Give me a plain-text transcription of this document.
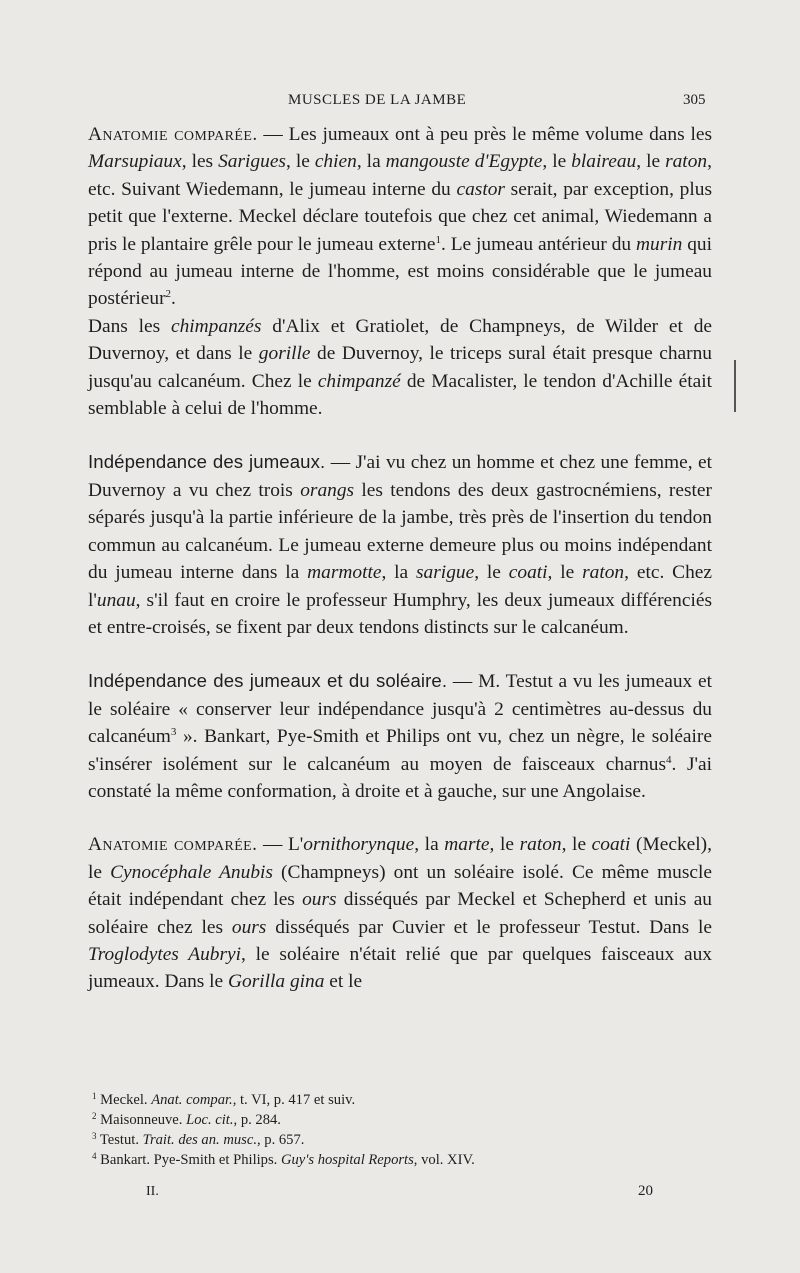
MUSCLES DE LA JAMBE	305

Anatomie comparée. — Les jumeaux ont à peu près le même volume dans les Marsupiaux, les Sarigues, le chien, la mangouste d'Egypte, le blaireau, le raton, etc. Suivant Wiedemann, le jumeau interne du castor serait, par exception, plus petit que l'externe. Meckel déclare toutefois que chez cet animal, Wiedemann a pris le plantaire grêle pour le jumeau externe$^1$. Le jumeau antérieur du murin qui répond au jumeau interne de l'homme, est moins considérable que le jumeau postérieur$^2$.

Dans les chimpanzés d'Alix et Gratiolet, de Champneys, de Wilder et de Duvernoy, et dans le gorille de Duvernoy, le triceps sural était presque charnu jusqu'au calcanéum. Chez le chimpanzé de Macalister, le tendon d'Achille était semblable à celui de l'homme.

Indépendance des jumeaux. — J'ai vu chez un homme et chez une femme, et Duvernoy a vu chez trois orangs les tendons des deux gastrocnémiens, rester séparés jusqu'à la partie inférieure de la jambe, très près de l'insertion du tendon commun au calcanéum. Le jumeau externe demeure plus ou moins indépendant du jumeau interne dans la marmotte, la sarigue, le coati, le raton, etc. Chez l'unau, s'il faut en croire le professeur Humphry, les deux jumeaux différenciés et entre-croisés, se fixent par deux tendons distincts sur le calcanéum.

Indépendance des jumeaux et du soléaire. — M. Testut a vu les jumeaux et le soléaire « conserver leur indépendance jusqu'à 2 centimètres au-dessus du calcanéum$^3$ ». Bankart, Pye-Smith et Philips ont vu, chez un nègre, le soléaire s'insérer isolément sur le calcanéum au moyen de faisceaux charnus$^4$. J'ai constaté la même conformation, à droite et à gauche, sur une Angolaise.

Anatomie comparée. — L'ornithorynque, la marte, le raton, le coati (Meckel), le Cynocéphale Anubis (Champneys) ont un soléaire isolé. Ce même muscle était indépendant chez les ours disséqués par Meckel et Schepherd et unis au soléaire chez les ours disséqués par Cuvier et le professeur Testut. Dans le Troglodytes Aubryi, le soléaire n'était relié que par quelques faisceaux aux jumeaux. Dans le Gorilla gina et le

$^1$ Meckel. Anat. compar., t. VI, p. 417 et suiv.

$^2$ Maisonneuve. Loc. cit., p. 284.

$^3$ Testut. Trait. des an. musc., p. 657.

$^4$ Bankart. Pye-Smith et Philips. Guy's hospital Reports, vol. XIV.

II.	20
